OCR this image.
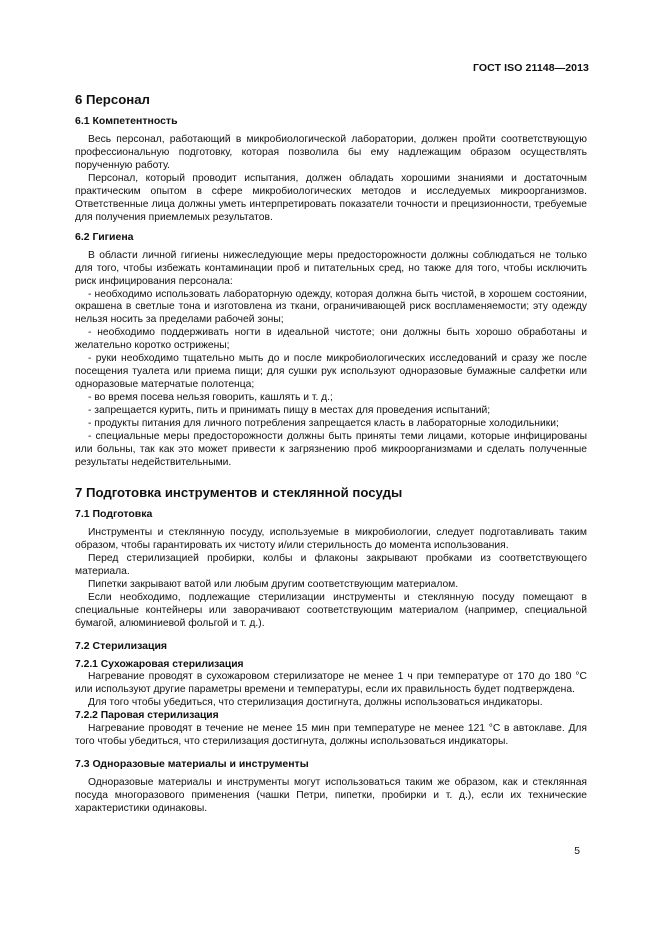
ГОСТ ISO 21148—2013
6 Персонал
6.1 Компетентность

Весь персонал, работающий в микробиологической лаборатории, должен пройти соответствующую профессиональную подготовку, которая позволила бы ему надлежащим образом осуществлять порученную работу.

Персонал, который проводит испытания, должен обладать хорошими знаниями и достаточным практическим опытом в сфере микробиологических методов и исследуемых микроорганизмов. Ответственные лица должны уметь интерпретировать показатели точности и прецизионности, требуемые для получения приемлемых результатов.

6.2 Гигиена

В области личной гигиены нижеследующие меры предосторожности должны соблюдаться не только для того, чтобы избежать контаминации проб и питательных сред, но также для того, чтобы исключить риск инфицирования персонала:

- необходимо использовать лабораторную одежду, которая должна быть чистой, в хорошем состоянии, окрашена в светлые тона и изготовлена из ткани, ограничивающей риск воспламеняемости; эту одежду нельзя носить за пределами рабочей зоны;

- необходимо поддерживать ногти в идеальной чистоте; они должны быть хорошо обработаны и желательно коротко острижены;

- руки необходимо тщательно мыть до и после микробиологических исследований и сразу же после посещения туалета или приема пищи; для сушки рук используют одноразовые бумажные салфетки или одноразовые матерчатые полотенца;

- во время посева нельзя говорить, кашлять и т. д.;

- запрещается курить, пить и принимать пищу в местах для проведения испытаний;

- продукты питания для личного потребления запрещается класть в лабораторные холодильники;

- специальные меры предосторожности должны быть приняты теми лицами, которые инфицированы или больны, так как это может привести к загрязнению проб микроорганизмами и сделать полученные результаты недействительными.

7 Подготовка инструментов и стеклянной посуды
7.1 Подготовка

Инструменты и стеклянную посуду, используемые в микробиологии, следует подготавливать таким образом, чтобы гарантировать их чистоту и/или стерильность до момента использования.

Перед стерилизацией пробирки, колбы и флаконы закрывают пробками из соответствующего материала.

Пипетки закрывают ватой или любым другим соответствующим материалом.

Если необходимо, подлежащие стерилизации инструменты и стеклянную посуду помещают в специальные контейнеры или заворачивают соответствующим материалом (например, специальной бумагой, алюминиевой фольгой и т. д.).

7.2 Стерилизация
7.2.1 Сухожаровая стерилизация

Нагревание проводят в сухожаровом стерилизаторе не менее 1 ч при температуре от 170 до 180 °С или используют другие параметры времени и температуры, если их правильность будет подтверждена.

Для того чтобы убедиться, что стерилизация достигнута, должны использоваться индикаторы.

7.2.2 Паровая стерилизация

Нагревание проводят в течение не менее 15 мин при температуре не менее 121 °С в автоклаве. Для того чтобы убедиться, что стерилизация достигнута, должны использоваться индикаторы.

7.3 Одноразовые материалы и инструменты

Одноразовые материалы и инструменты могут использоваться таким же образом, как и стеклянная посуда многоразового применения (чашки Петри, пипетки, пробирки и т. д.), если их технические характеристики одинаковы.

5
